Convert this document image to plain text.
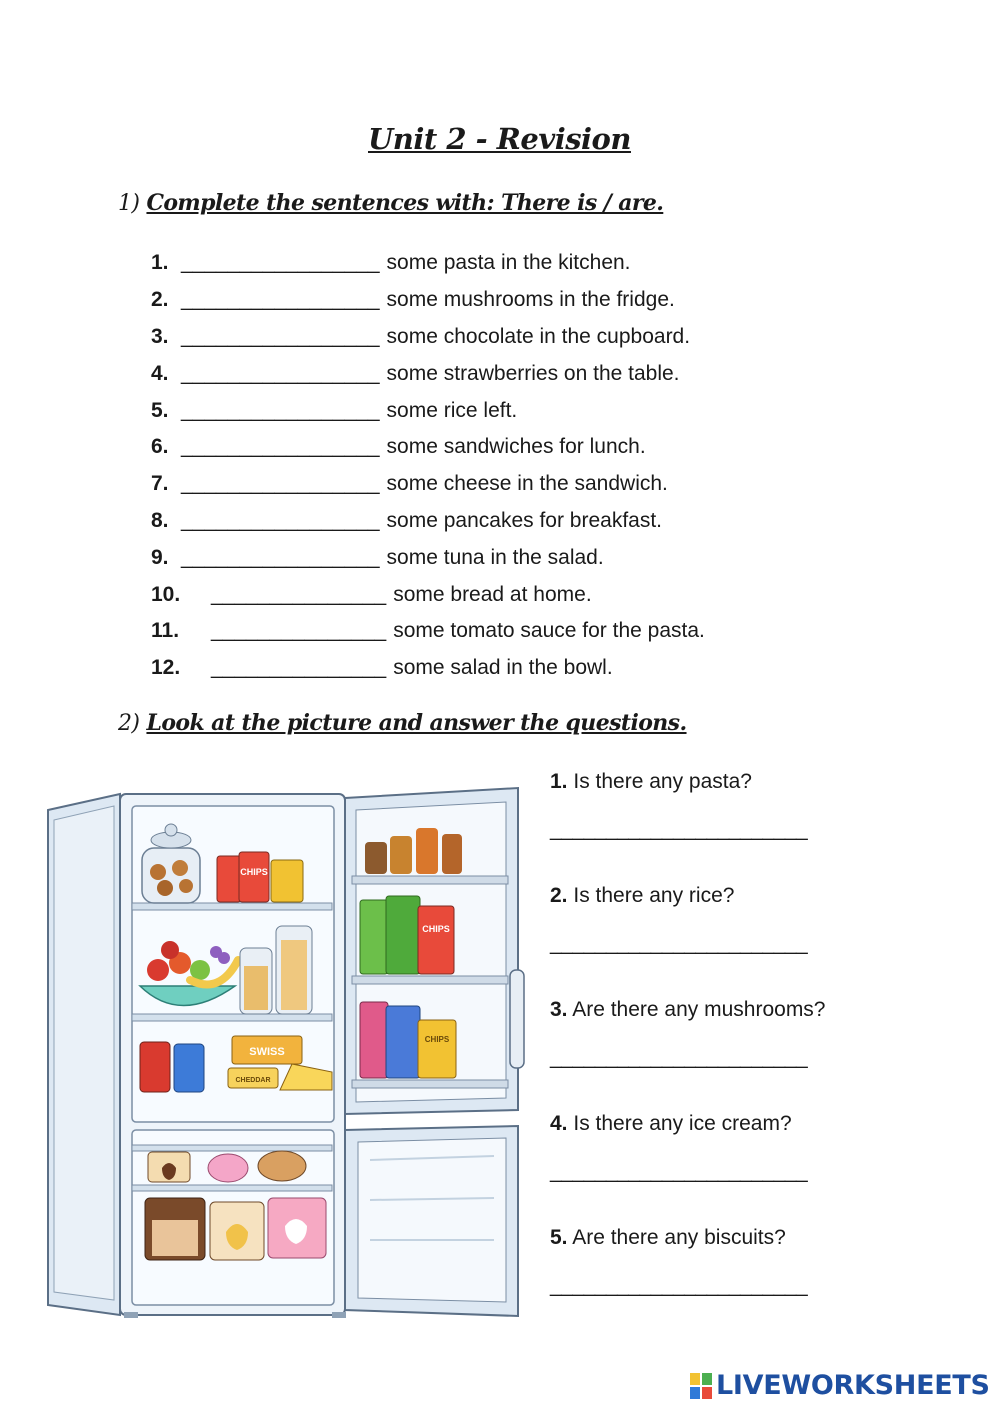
Unit 2 - Revision
1) Complete the sentences with: There is / are.
1. _________________ some pasta in the kitchen.
2. _________________ some mushrooms in the fridge.
3. _________________ some chocolate in the cupboard.
4. _________________ some strawberries on the table.
5. _________________ some rice left.
6. _________________ some sandwiches for lunch.
7. _________________ some cheese in the sandwich.
8. _________________ some pancakes for breakfast.
9. _________________ some tuna in the salad.
10.	_______________ some bread at home.
11.	_______________ some tomato sauce for the pasta.
12.	_______________ some salad in the bowl.
2) Look at the picture and answer the questions.
CHIPS
SWISS
CHEDDAR
CHIPS
CHIPS
1. Is there any pasta?
_______________________
2. Is there any rice?
_______________________
3. Are there any mushrooms?
_______________________
4. Is there any ice cream?
_______________________
5. Are there any biscuits?
_______________________
LIVEWORKSHEETS
